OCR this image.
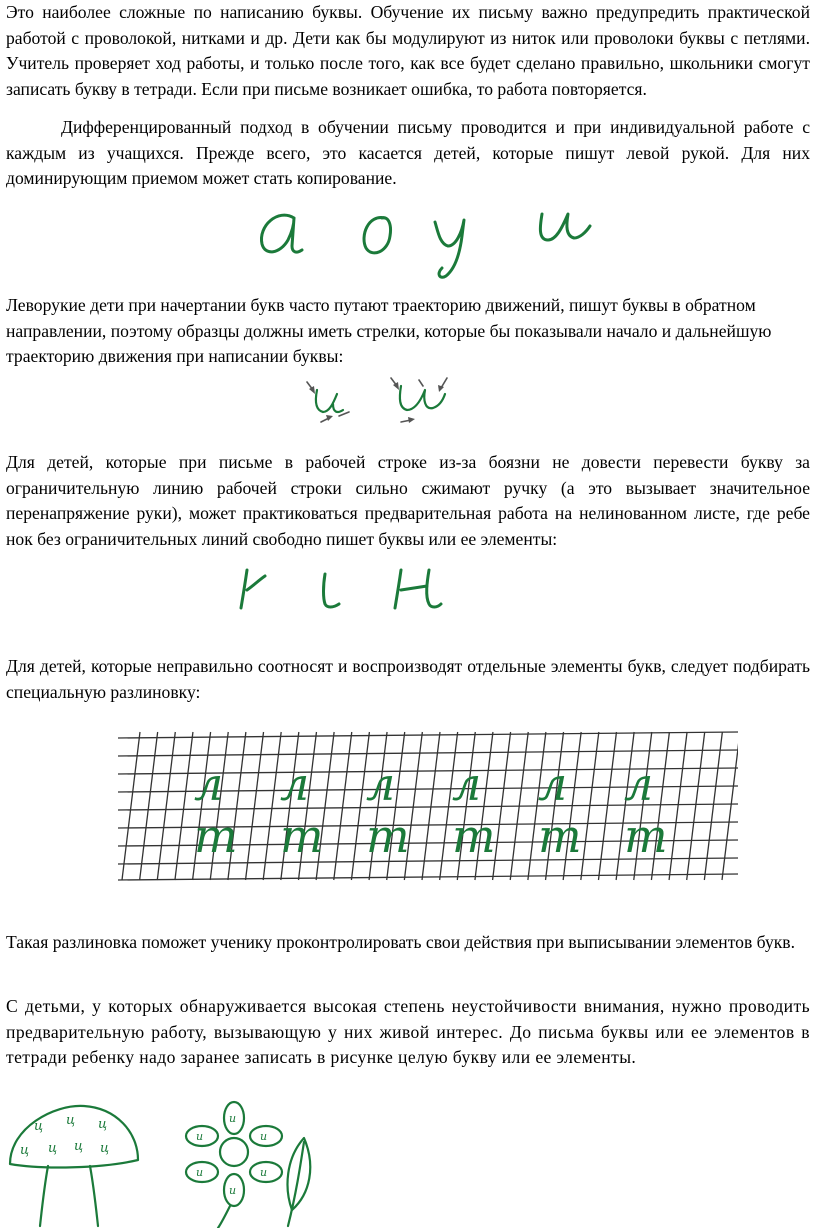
Это наиболее сложные по написанию буквы. Обучение их письму важно предупредить практической работой с проволокой, нитками и др. Дети как бы модулируют из ниток или проволоки буквы с петлями. Учитель проверяет ход работы, и только после того, как все будет сделано правильно, школьники смогут записать букву в тетради. Если при письме возникает ошибка, то работа повторяется.

Дифференцированный подход в обучении письму проводится и при индивидуальной работе с каждым из учащихся. Прежде всего, это касается детей, которые пишут левой рукой. Для них доминирующим приемом может стать копирование.

Леворукие дети при начертании букв часто путают траекторию движений, пишут буквы в обратном направлении, поэтому образцы должны иметь стрелки, которые бы показывали начало и дальнейшую траекторию движения при написании буквы:

Для детей, которые при письме в рабочей строке из-за боязни не довести перевести букву за ограничительную линию рабочей строки сильно сжимают ручку (а это вызывает значительное перенапряжение руки), может практиковаться предварительная работа на нелинованном листе, где ребе нок без ограничительных линий свободно пишет буквы или ее элементы:

Для детей, которые неправильно соотносят и воспроизводят отдельные элементы букв, следует подбирать специальную разлиновку:

л
т
л
т
л
т
л
т
л
т
л
т

Такая разлиновка поможет ученику проконтролировать свои действия при выписывании элементов букв.

С детьми, у которых обнаруживается высокая степень неустойчивости внимания, нужно проводить предварительную работу, вызывающую у них живой интерес. До письма буквы или ее элементов в тетради ребенку надо заранее записать в рисунке целую букву или ее элементы.

ц ц ц
ц ц ц ц
и
и
и
и
и
и
